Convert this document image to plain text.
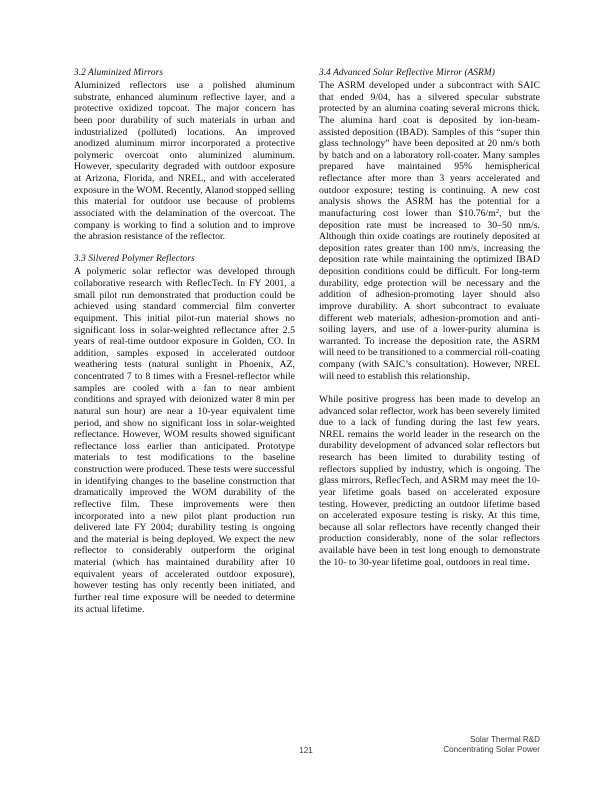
3.2 Aluminized Mirrors

Aluminized reflectors use a polished aluminum substrate, enhanced aluminum reflective layer, and a protective oxidized topcoat. The major concern has been poor durability of such materials in urban and industrialized (polluted) locations. An improved anodized aluminum mirror incorporated a protective polymeric overcoat onto aluminized aluminum. However, specularity degraded with outdoor exposure at Arizona, Florida, and NREL, and with accelerated exposure in the WOM. Recently, Alanod stopped selling this material for outdoor use because of problems associated with the delamination of the overcoat. The company is working to find a solution and to improve the abrasion resistance of the reflector.

3.3 Silvered Polymer Reflectors

A polymeric solar reflector was developed through collaborative research with ReflecTech. In FY 2001, a small pilot run demonstrated that production could be achieved using standard commercial film converter equipment. This initial pilot-run material shows no significant loss in solar-weighted reflectance after 2.5 years of real-time outdoor exposure in Golden, CO. In addition, samples exposed in accelerated outdoor weathering tests (natural sunlight in Phoenix, AZ, concentrated 7 to 8 times with a Fresnel-reflector while samples are cooled with a fan to near ambient conditions and sprayed with deionized water 8 min per natural sun hour) are near a 10-year equivalent time period, and show no significant loss in solar-weighted reflectance. However, WOM results showed significant reflectance loss earlier than anticipated. Prototype materials to test modifications to the baseline construction were produced. These tests were successful in identifying changes to the baseline construction that dramatically improved the WOM durability of the reflective film. These improvements were then incorporated into a new pilot plant production run delivered late FY 2004; durability testing is ongoing and the material is being deployed. We expect the new reflector to considerably outperform the original material (which has maintained durability after 10 equivalent years of accelerated outdoor exposure), however testing has only recently been initiated, and further real time exposure will be needed to determine its actual lifetime.

3.4 Advanced Solar Reflective Mirror (ASRM)

The ASRM developed under a subcontract with SAIC that ended 9/04, has a silvered specular substrate protected by an alumina coating several microns thick. The alumina hard coat is deposited by ion-beam-assisted deposition (IBAD). Samples of this “super thin glass technology” have been deposited at 20 nm/s both by batch and on a laboratory roll-coater. Many samples prepared have maintained 95% hemispherical reflectance after more than 3 years accelerated and outdoor exposure; testing is continuing. A new cost analysis shows the ASRM has the potential for a manufacturing cost lower than $\$10.76/m^2$, but the deposition rate must be increased to 30–50 nm/s. Although thin oxide coatings are routinely deposited at deposition rates greater than 100 nm/s, increasing the deposition rate while maintaining the optimized IBAD deposition conditions could be difficult. For long-term durability, edge protection will be necessary and the addition of adhesion-promoting layer should also improve durability. A short subcontract to evaluate different web materials, adhesion-promotion and anti-soiling layers, and use of a lower-purity alumina is warranted. To increase the deposition rate, the ASRM will need to be transitioned to a commercial roll-coating company (with SAIC’s consultation). However, NREL will need to establish this relationship.

While positive progress has been made to develop an advanced solar reflector, work has been severely limited due to a lack of funding during the last few years. NREL remains the world leader in the research on the durability development of advanced solar reflectors but research has been limited to durability testing of reflectors supplied by industry, which is ongoing. The glass mirrors, ReflecTech, and ASRM may meet the 10-year lifetime goals based on accelerated exposure testing. However, predicting an outdoor lifetime based on accelerated exposure testing is risky. At this time, because all solar reflectors have recently changed their production considerably, none of the solar reflectors available have been in test long enough to demonstrate the 10- to 30-year lifetime goal, outdoors in real time.

121
Solar Thermal R&D
Concentrating Solar Power
